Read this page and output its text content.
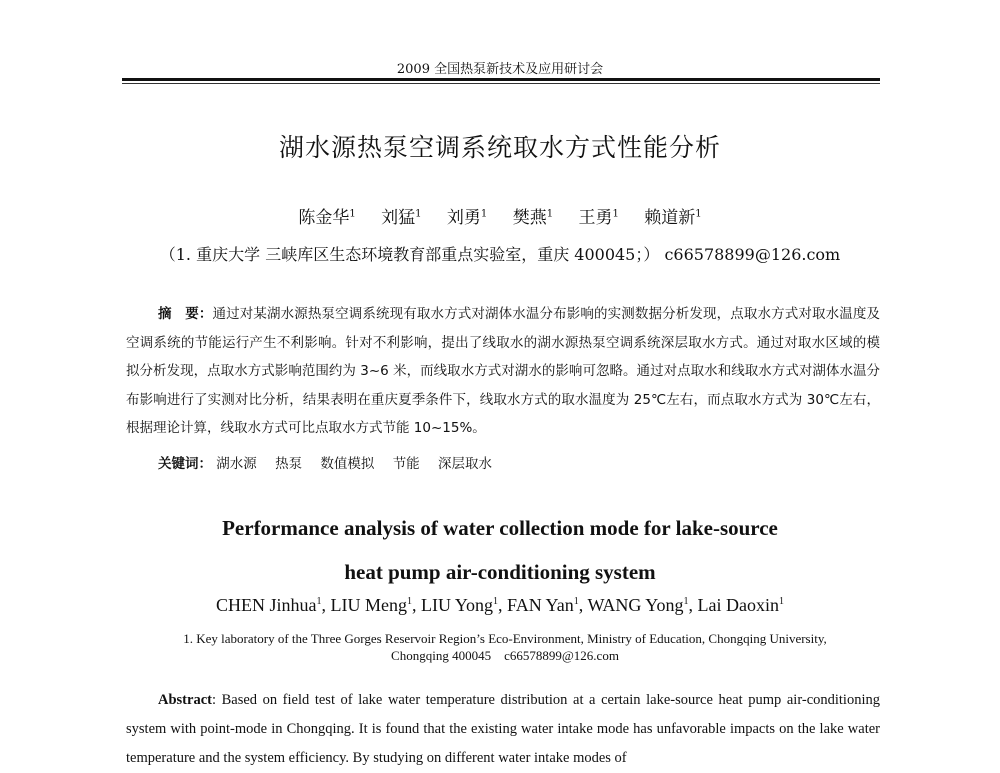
2009 全国热泵新技术及应用研讨会
湖水源热泵空调系统取水方式性能分析
陈金华$^1$ 刘猛$^1$ 刘勇$^1$ 樊燕$^1$ 王勇$^1$ 赖道新$^1$
（1. 重庆大学 三峡库区生态环境教育部重点实验室，重庆 400045；） c66578899@126.com
摘　要：通过对某湖水源热泵空调系统现有取水方式对湖体水温分布影响的实测数据分析发现，点取水方式对取水温度及空调系统的节能运行产生不利影响。针对不利影响，提出了线取水的湖水源热泵空调系统深层取水方式。通过对取水区域的模拟分析发现，点取水方式影响范围约为 3~6 米，而线取水方式对湖水的影响可忽略。通过对点取水和线取水方式对湖体水温分布影响进行了实测对比分析，结果表明在重庆夏季条件下，线取水方式的取水温度为 25℃左右，而点取水方式为 30℃左右，根据理论计算，线取水方式可比点取水方式节能 10~15%。
关键词： 湖水源 热泵 数值模拟 节能 深层取水
Performance analysis of water collection mode for lake-source
heat pump air-conditioning system
CHEN Jinhua$^1$, LIU Meng$^1$, LIU Yong$^1$, FAN Yan$^1$, WANG Yong$^1$, Lai Daoxin$^1$
1. Key laboratory of the Three Gorges Reservoir Region’s Eco-Environment, Ministry of Education, Chongqing University,
Chongqing 400045　c66578899@126.com
Abstract: Based on field test of lake water temperature distribution at a certain lake-source heat pump air-conditioning system with point-mode in Chongqing. It is found that the existing water intake mode has unfavorable impacts on the lake water temperature and the system efficiency. By studying on different water intake modes of
